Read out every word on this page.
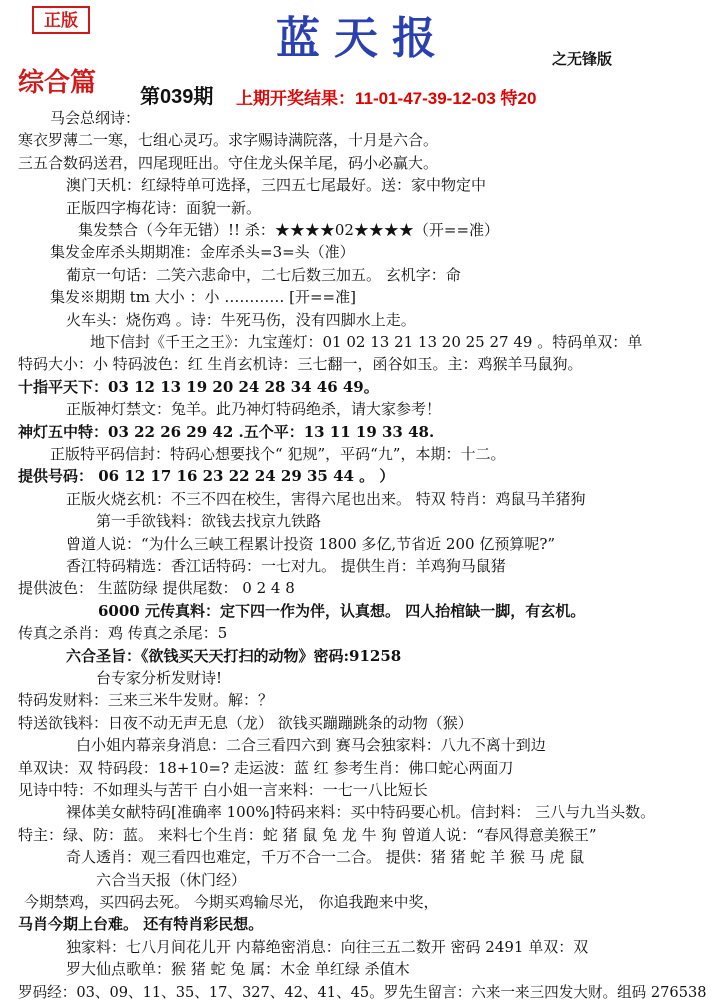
正版	蓝天报	之无锋版
综合篇 第039期 上期开奖结果：11-01-47-39-12-03 特20
马会总纲诗：
寒衣罗薄二一寒，七组心灵巧。求字赐诗满院落，十月是六合。
三五合数码送君，四尾现旺出。守住龙头保羊尾，码小必赢大。
澳门天机：红绿特单可选择，三四五七尾最好。送：家中物定中
正版四字梅花诗：面貌一新。
集发禁合（今年无错）!! 杀：★★★★02★★★★（开==准）
集发金库杀头期期准：金库杀头=3=头（准）
葡京一句话：二笑六悲命中，二七后数三加五。 玄机字：命
集发※期期 tm 大小 ：小 ………… [开==准]
火车头：烧伤鸡 。诗：牛死马伤，没有四脚水上走。
地下信封《千王之王》：九宝莲灯：01 02 13 21 13 20 25 27 49 。特码单双：单
特码大小：小 特码波色：红 生肖玄机诗：三七翻一，函谷如玉。主：鸡猴羊马鼠狗。
十指平天下：03 12 13 19 20 24 28 34 46 49。
正版神灯禁文：兔羊。此乃神灯特码绝杀，请大家参考！
神灯五中特：03 22 26 29 42 .五个平：13 11 19 33 48.
正版特平码信封：特码心想要找个“ 犯规”，平码“九”，本期：十二。
提供号码： 06 12 17 16 23 22 24 29 35 44 。 ）
正版火烧玄机：不三不四在校生，害得六尾也出来。 特双 特肖：鸡鼠马羊猪狗
第一手欲钱料：欲钱去找京九铁路
曾道人说：“为什么三峡工程累计投资 1800 多亿,节省近 200 亿预算呢?”
香江特码精选：香江话特码：一七对九。 提供生肖：羊鸡狗马鼠猪
提供波色： 生蓝防绿 提供尾数： 0 2 4 8
6000 元传真料：定下四一作为伴，认真想。 四人抬棺缺一脚，有玄机。
传真之杀肖：鸡 传真之杀尾：5
六合圣旨：《欲钱买天天打扫的动物》密码:91258
台专家分析发财诗!
特码发财料：三来三米牛发财。解：？
特送欲钱料：日夜不动无声无息（龙） 欲钱买蹦蹦跳条的动物（猴）
白小姐内幕亲身消息：二合三看四六到 赛马会独家料：八九不离十到边
单双诀：双 特码段：18+10=? 走运波：蓝 红 参考生肖：佛口蛇心两面刀
见诗中特：不如理头与苦干 白小姐一言来料：一七一八比短长
裸体美女献特码[准确率 100%]特码来料：买中特码要心机。信封料： 三八与九当头数。
特主：绿、防：蓝。 来料七个生肖：蛇 猪 鼠 兔 龙 牛 狗 曾道人说：“春风得意美猴王”
奇人透肖：观三看四也难定，千万不合一二合。 提供：猪 猪 蛇 羊 猴 马 虎 鼠
六合当天报（休门经）
今期禁鸡，买四码去死。 今期买鸡输尽光， 你追我跑来中奖，
马肖今期上台难。 还有特肖彩民想。
独家料：七八月间花儿开 内幕绝密消息：向往三五二数开 密码 2491 单双：双
罗大仙点歌单：猴 猪 蛇 兔 属：木金 单红绿 杀值木
罗码经：03、09、11、35、17、327、42、41、45。罗先生留言：六来一来三四发大财。组码 276538
